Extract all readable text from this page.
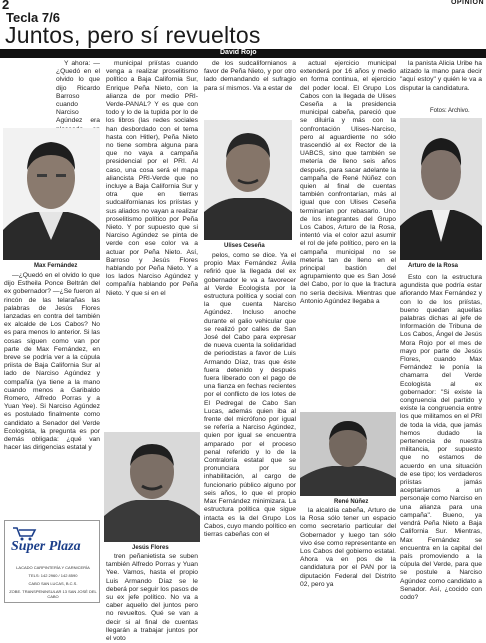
2	OPINIÓN
Tecla 7/6
Juntos, pero sí revueltos
David Rojo

Y ahora: —¿Quedó en el olvido lo que dijo Ricardo Barroso cuando Narciso Agúndez era

Max Fernández

—¿Quedó en el olvido lo que dijo Estheila Ponce Beltrán del ex gobernador? —¿Se fueron al rincón de las telarañas las palabras de Jesús Flores lanzadas en contra del también ex alcalde de Los Cabos? No es para menos lo anterior. Si las cosas siguen como van por parte de Max Fernández, en breve se podría ver a la cúpula priista de Baja California Sur al lado de Narciso Agúndez y compañía (ya tiene a la mano cuando menos a Garibaldo Romero, Alfredo Porras y a Yuan Yee). Si Narciso Agúndez es postulado finalmente como candidato a Senador del Verde Ecologista, la pregunta es por demás obligada: ¿qué van hacer las dirigencias estatal y

Super Plaza
LACADO CARPINTERÍA Y CARNICERÍA
TELS: 142 2960 / 142 8590
CABO SAN LUCAS, B.C.S.
ZOBE. TRANSPENINSULAR 13 SAN JOSÉ DEL CABO

municipal priístas cuando venga a realizar proselitismo político a Baja California Sur, Enrique Peña Nieto, con la alianza de por medio PRI-Verde-PANAL? Y es que con todo y lo de la tupida por lo de los libros (las redes sociales han desbordado con el tema hasta con Hitler), Peña Nieto no tiene sombra alguna para que no vaya a campaña presidencial por el PRI. Al caso, una cosa será el mapa aliancista PRI-Verde que no incluye a Baja California Sur y otra que en tierras sudcalifornianas los priístas y sus aliados no vayan a realizar proselitismo político por Peña Nieto. Y por supuesto que si Narciso Agúndez se pinta de verde con ese color va a actuar por Peña Nieto. Así, Barroso y Jesús Flores hablando por Peña Nieto. Y a los lados Narciso Agúndez y compañía hablando por Peña Nieto. Y que si en el

Jesús Flores

tren peñanietista se suben también Alfredo Porras y Yuan Yee. Vamos, hasta el propio Luis Armando Díaz se le deberá por seguir los pasos de su ex jefe político. No va a caber aquello del juntos pero no revueltos. Qué se van a decir si al final de cuentas llegarán a trabajar juntos por el voto

de los sudcalifornianos a favor de Peña Nieto, y por otro lado demandando el sufragio para sí mismos. Va a estar de

Ulises Ceseña

pelos, como se dice. Ya el propio Max Fernández Ávila refirió que la llegada del ex gobernador le va a favorecer al Verde Ecologista por la estructura política y social con la que cuenta Narciso Agúndez. Incluso anoche durante el galio vehicular que se realizó por calles de San José del Cabo para expresar de nueva cuenta la solidaridad de periodistas a favor de Luis Armando Díaz, tras que éste fuera detenido y después fuera liberado con el pago de una fianza en fechas recientes por el conflicto de los lotes de El Pedregal de Cabo San Lucas, además quien iba al frente del micrófono por igual se refería a Narciso Agúndez, quien por igual se encuentra amparado por el proceso penal referido y lo de la Contraloría estatal que se pronunciara por su inhabilitación, al cargo de funcionario público alguno por seis años, lo que el propio Max Fernández minimizara. La estructura política que sigue intacta es la del Grupo Los Cabos, cuyo mando político en tierras cabeñas con el

actual ejercicio municipal extenderá por 16 años y medio en forma continua, el ejercicio del poder local. El Grupo Los Cabos con la llegada de Ulises Ceseña a la presidencia municipal cabeña, pareció que se diluiría y más con la confrontación Ulises-Narciso, pero al aguardiente no sólo trascendió al ex Rector de la UABCS, sino que también se metería de lleno seis años después, para sacar adelante la campaña de René Núñez con quien al final de cuentas también confrontarían, más al igual que con Ulises Ceseña terminarían por rebasarlo. Uno de los integrantes del Grupo Los Cabos, Arturo de la Rosa, intentó vía el color azul asumir el rol de jefe político, pero en la campaña municipal no se metería tan de lleno en el principal bastión del agrupamiento que es San José del Cabo, por lo que la fractura no sería decisiva. Mientras que Antonio Agúndez llegaba a

René Núñez

la alcaldía cabeña, Arturo de la Rosa sólo tener un espacio como secretario particular del Gobernador y luego tan sólo vivo ése como representante en Los Cabos del gobierno estatal. Ahora va en pos de la candidatura por el PAN por la diputación Federal del Distrito 02, pero ya

la panista Alicia Uribe ha atizado la mano para decir "aquí estoy" y quién le va a disputar la candidatura.

Fotos: Archivo.
Arturo de la Rosa

Esto con la estructura agundista que podría estar afiorando Max Fernández y con lo de los priístas, bueno quedan aquellas palabras dichas al jefe de Información de Tribuna de Los Cabos, Ángel de Jesús Mora Rojo por el mes de mayo por parte de Jesús Flores, cuando Max Fernández le ponía la chamarra del Verde Ecologista al ex gobernador: "Si existe la congruencia del partido y existe la congruencia entre los que militamos en el PRI de toda la vida, que jamás hemos dudado la pertenencia de nuestra militancia, por supuesto que no estamos de acuerdo en una situación de ese tipo; los verdaderos priístas jamás aceptaríamos a un personaje como Narciso en una alianza para una campaña". Bueno, ya vendrá Peña Nieto a Baja California Sur. Mientras, Max Fernández se encuentra en la capital del país promoviendo a la cúpula del Verde, para que se postule a Narciso Agúndez como candidato a Senador. Así, ¿cocido con codo?
